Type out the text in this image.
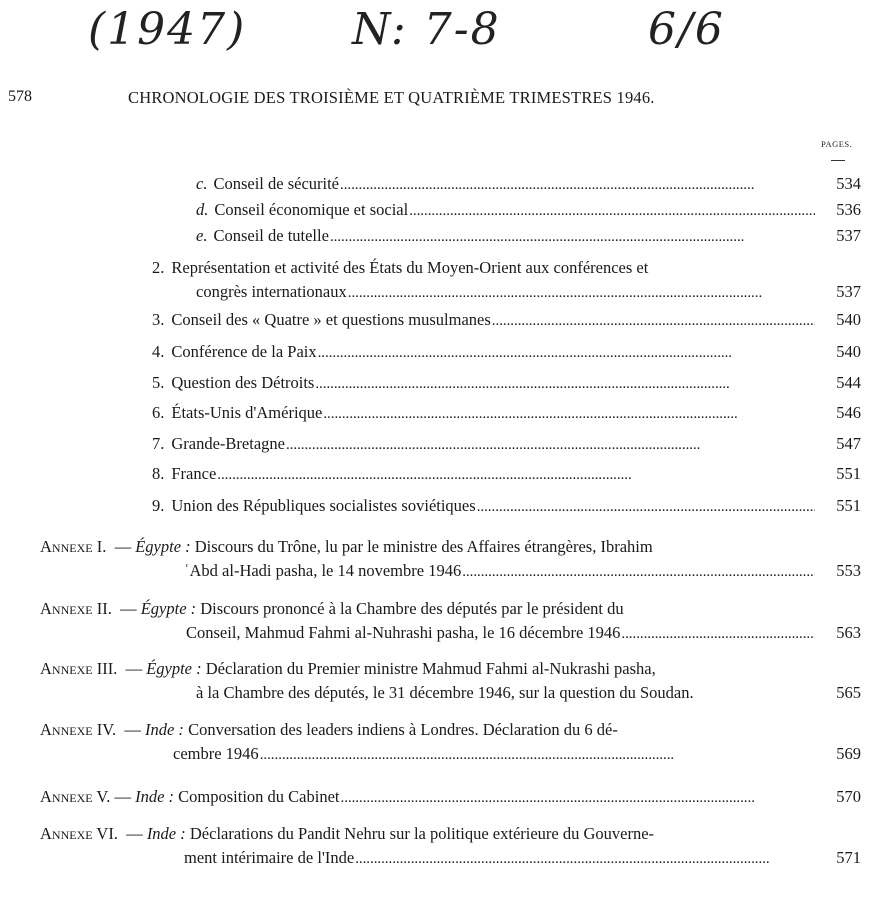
(1947) N: 7-8	6/6
578	CHRONOLOGIE DES TROISIÈME ET QUATRIÈME TRIMESTRES 1946.
PAGES.
c. Conseil de sécurité . . .	534
d. Conseil économique et social . . .	536
e. Conseil de tutelle . . .	537
2. Représentation et activité des États du Moyen-Orient aux conférences et
congrès internationaux . . .	537
3. Conseil des « Quatre » et questions musulmanes . . .	540
4. Conférence de la Paix . . .	540
5. Question des Détroits . . .	544
6. États-Unis d'Amérique . . .	546
7. Grande-Bretagne . . .	547
8. France . . .	551
9. Union des Républiques socialistes soviétiques . . .	551
Annexe I. — Égypte : Discours du Trône, lu par le ministre des Affaires étrangères, Ibrahim
ʿAbd al-Hadi pasha, le 14 novembre 1946 . . .	553
Annexe II. — Égypte : Discours prononcé à la Chambre des députés par le président du
Conseil, Mahmud Fahmi al-Nuhrashi pasha, le 16 décembre 1946 . . .	563
Annexe III. — Égypte : Déclaration du Premier ministre Mahmud Fahmi al-Nukrashi pasha,
à la Chambre des députés, le 31 décembre 1946, sur la question du Soudan.	565
Annexe IV. — Inde : Conversation des leaders indiens à Londres. Déclaration du 6 dé-
cembre 1946 . . .	569
Annexe V. — Inde : Composition du Cabinet . . .	570
Annexe VI. — Inde : Déclarations du Pandit Nehru sur la politique extérieure du Gouverne-
ment intérimaire de l'Inde . . .	571
